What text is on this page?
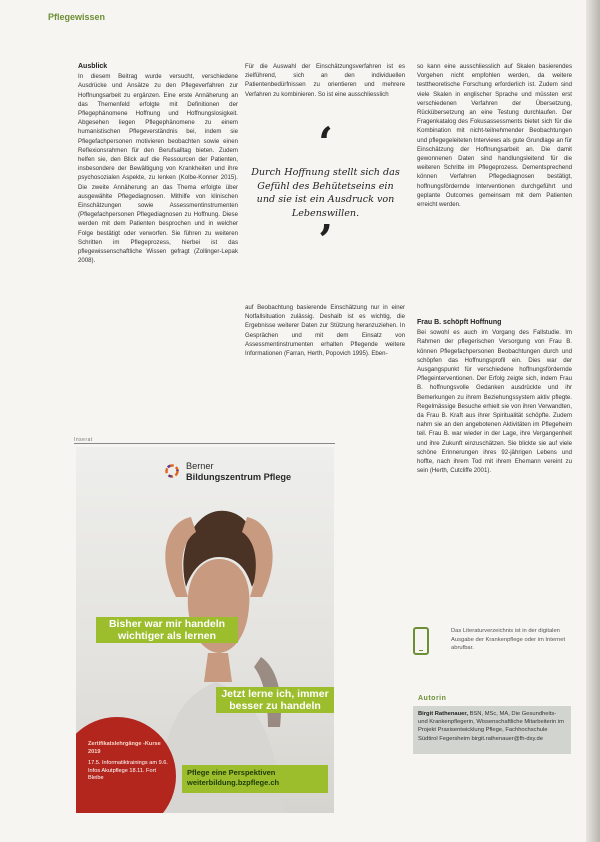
Pflegewissen
Ausblick

In diesem Beitrag wurde versucht, verschiedene Ausdrücke und Ansätze zu den Pflegeverfahren zur Hoffnungsarbeit zu ergänzen. Eine erste Annäherung an das Themenfeld erfolgte mit Definitionen der Pflegephänomene Hoffnung und Hoffnungslosigkeit. Abgesehen liegen Pflegephänomene zu einem humanistischen Pflegeverständnis bei, indem sie Pflegefachpersonen motivieren beobachten sowie einen Reflexionsrahmen für den Berufsalltag bieten. Zudem helfen sie, den Blick auf die Ressourcen der Patienten, insbesondere der Bewältigung von Krankheiten und ihre psychosozialen Aspekte, zu lenken (Kolbe-Konner 2015). Die zweite Annäherung an das Thema erfolgte über ausgewählte Pflegediagnosen. Mithilfe von klinischen Einschätzungen sowie Assessmentinstrumenten (Pflegefachpersonen Pflegediagnosen zu Hoffnung. Diese werden mit dem Patienten besprochen und in welcher Folge bestätigt oder verworfen. Sie führen zu weiteren Schritten im Pflegeprozess, hierbei ist das pflegewissenschaftliche Wissen gefragt (Zollinger-Lepak 2008).

Für die Auswahl der Einschätzungsverfahren ist es zielführend, sich an den individuellen Patientenbedürfnissen zu orientieren und mehrere Verfahren zu kombinieren. So ist eine ausschliesslich

‘
Durch Hoffnung stellt sich das Gefühl des Behütetseins ein und sie ist ein Ausdruck von Lebenswillen.
’

auf Beobachtung basierende Einschätzung nur in einer Notfallsituation zulässig. Deshalb ist es wichtig, die Ergebnisse weiterer Daten zur Stützung heranzuziehen. In Gesprächen und mit dem Einsatz von Assessmentinstrumenten erhalten Pflegende weitere Informationen (Farran, Herth, Popovich 1995). Eben-

so kann eine ausschliesslich auf Skalen basierendes Vorgehen nicht empfohlen werden, da weitere testtheoretische Forschung erforderlich ist. Zudem sind viele Skalen in englischer Sprache und müssten erst verschiedenen Verfahren der Übersetzung, Rückübersetzung an eine Testung durchlaufen. Der Fragenkatalog des Fokusassessments bietet sich für die Kombination mit nicht-teilnehmender Beobachtungen und pflegegeleiteten Interviews als gute Grundlage an für Einschätzung der Hoffnungsarbeit an. Die damit gewonnenen Daten sind handlungsleitend für die weiteren Schritte im Pflegeprozess. Dementsprechend können Verfahren Pflegediagnosen bestätigt, hoffnungsfördernde Interventionen durchgeführt und geplante Outcomes gemeinsam mit dem Patienten erreicht werden.

Frau B. schöpft Hoffnung

Bei sowohl es auch im Vorgang des Fallstudie. Im Rahmen der pflegerischen Versorgung von Frau B. können Pflegefachpersonen Beobachtungen durch und schöpfen das Hoffnungsprofil ein. Dies war der Ausgangspunkt für verschiedene hoffnungsfördernde Pflegeinterventionen. Der Erfolg zeigte sich, indem Frau B. hoffnungsvolle Gedanken ausdrückte und ihr Bemerkungen zu ihrem Beziehungssystem aktiv pflegte. Regelmässige Besuche erhielt sie von ihren Verwandten, da Frau B. Kraft aus ihrer Spiritualität schöpfte. Zudem nahm sie an den angebotenen Aktivitäten im Pflegeheim teil. Frau B. war wieder in der Lage, ihre Vergangenheit und ihre Zukunft einzuschätzen. Sie blickte sie auf viele schöne Erinnerungen ihres 92-jährigen Lebens und hoffte, nach ihrem Tod mit ihrem Ehemann vereint zu sein (Herth, Cutcliffe 2001).

Inserat
Berner
Bildungszentrum Pflege
Bisher war mir handeln wichtiger als lernen
Jetzt lerne ich, immer besser zu handeln
Zertifikatslehrgänge -Kurse 2019
17.5. Informatiktrainings am 9.6. Infos Akutpflege 18.11. Fort Bleibe
Pflege eine Perspektiven
weiterbildung.bzpflege.ch
Das Literaturverzeichnis ist in der digitalen Ausgabe der Krankenpflege oder im Internet abrufbar.
Autorin
Birgit Rathenauer, BSN, MSc, MA, Die Gesundheits- und Krankenpflegerin, Wissenschaftliche Mitarbeiterin im Projekt Praxisentwicklung Pflege, Fachhochschule Südtirol Fegersheim birgit.rathenauer@fh-dsy.de
